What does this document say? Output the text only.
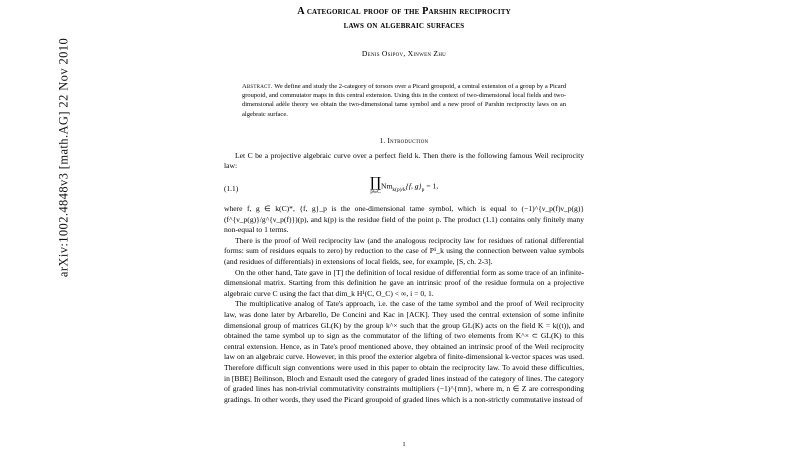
arXiv:1002.4848v3 [math.AG] 22 Nov 2010
A categorical proof of the Parshin reciprocity
laws on algebraic surfaces
Denis Osipov, Xinwen Zhu
Abstract. We define and study the 2-category of torsors over a Picard groupoid, a central extension of a group by a Picard groupoid, and commutator maps in this central extension. Using this in the context of two-dimensional local fields and two-dimensional adèle theory we obtain the two-dimensional tame symbol and a new proof of Parshin reciprocity laws on an algebraic surface.
1. Introduction

Let C be a projective algebraic curve over a perfect field k. Then there is the following famous Weil reciprocity law:

(1.1)	∏
p∈C
$Nm_{k(p)/k}\{f$, $g\}_p = 1$,

where f, g ∈ k(C)*, {f, g}_p is the one-dimensional tame symbol, which is equal to (−1)^{ν_p(f)ν_p(g)} (f^{ν_p(g)}/g^{ν_p(f)})(p), and k(p) is the residue field of the point p. The product (1.1) contains only finitely many non-equal to 1 terms.

There is the proof of Weil reciprocity law (and the analogous reciprocity law for residues of rational differential forms: sum of residues equals to zero) by reduction to the case of P¹_k using the connection between value symbols (and residues of differentials) in extensions of local fields, see, for example, [S, ch. 2-3].

On the other hand, Tate gave in [T] the definition of local residue of differential form as some trace of an infinite-dimensional matrix. Starting from this definition he gave an intrinsic proof of the residue formula on a projective algebraic curve C using the fact that dim_k H¹(C, O_C) < ∞, i = 0, 1.

The multiplicative analog of Tate's approach, i.e. the case of the tame symbol and the proof of Weil reciprocity law, was done later by Arbarello, De Concini and Kac in [ACK]. They used the central extension of some infinite dimensional group of matrices GL(K) by the group k^× such that the group GL(K) acts on the field K = k((t)), and obtained the tame symbol up to sign as the commutator of the lifting of two elements from K^× ⊂ GL(K) to this central extension. Hence, as in Tate's proof mentioned above, they obtained an intrinsic proof of the Weil reciprocity law on an algebraic curve. However, in this proof the exterior algebra of finite-dimensional k-vector spaces was used. Therefore difficult sign conventions were used in this paper to obtain the reciprocity law. To avoid these difficulties, in [BBE] Beilinson, Bloch and Esnault used the category of graded lines instead of the category of lines. The category of graded lines has non-trivial commutativity constraints multipliers (−1)^{mn}, where m, n ∈ Z are corresponding gradings. In other words, they used the Picard groupoid of graded lines which is a non-strictly commutative instead of

1
